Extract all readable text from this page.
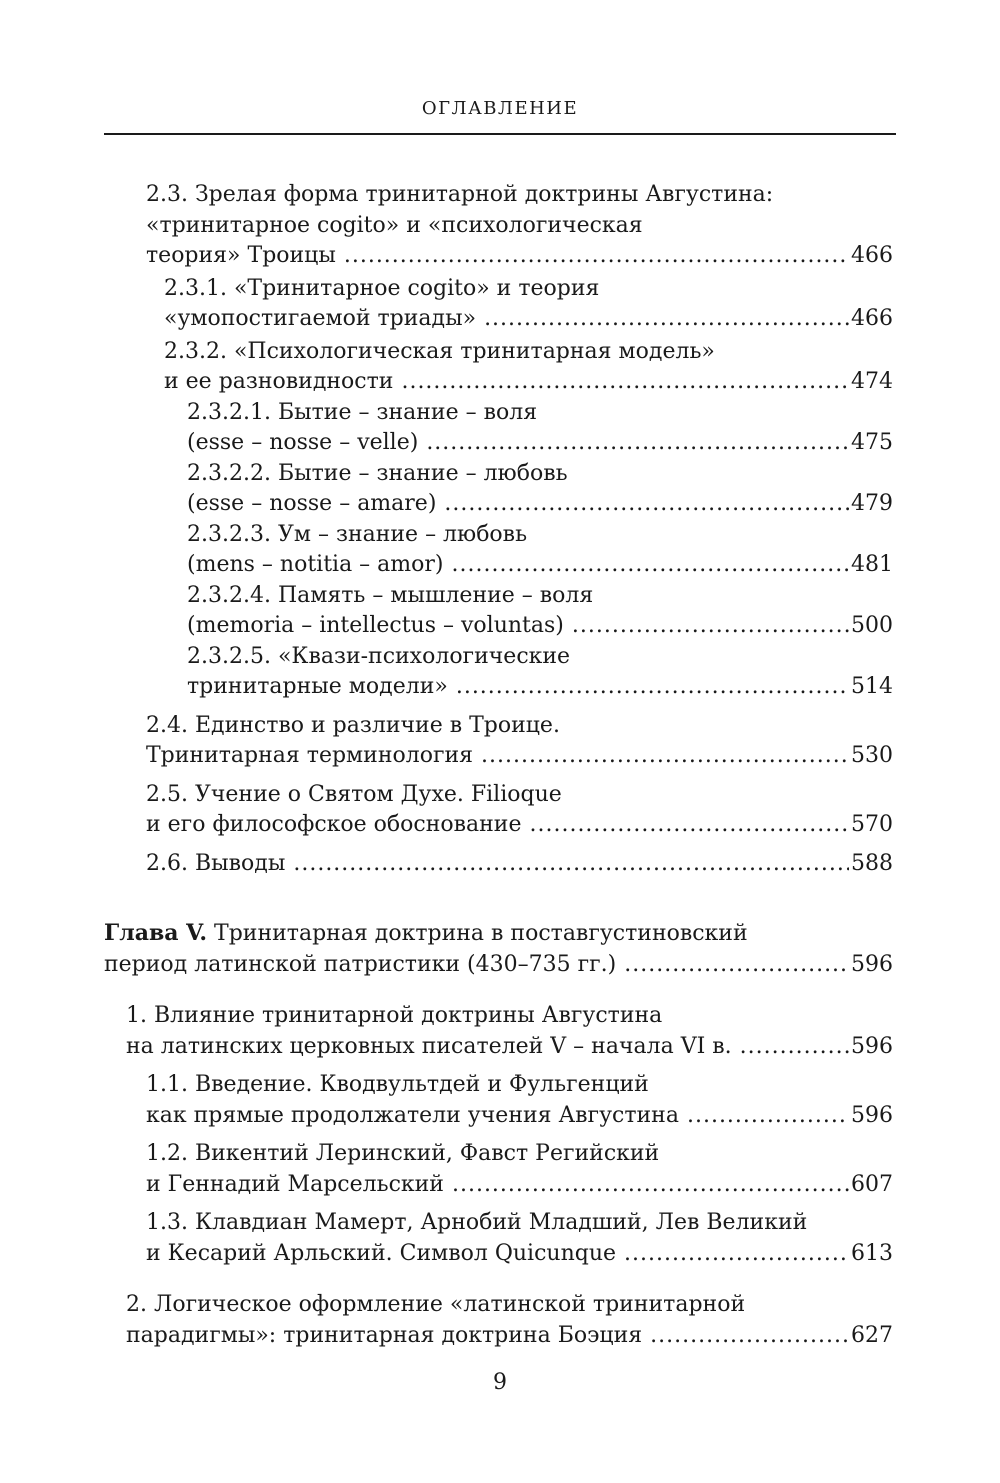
ОГЛАВЛЕНИЕ
2.3. Зрелая форма тринитарной доктрины Августина:
«тринитарное cogito» и «психологическая
теория» Троицы .....	466
2.3.1. «Тринитарное cogito» и теория
«умопостигаемой триады» .....	466
2.3.2. «Психологическая тринитарная модель»
и ее разновидности .....	474
2.3.2.1. Бытие – знание – воля
(esse – nosse – velle) .....	475
2.3.2.2. Бытие – знание – любовь
(esse – nosse – amare) .....	479
2.3.2.3. Ум – знание – любовь
(mens – notitia – amor) .....	481
2.3.2.4. Память – мышление – воля
(memoria – intellectus – voluntas) .....	500
2.3.2.5. «Квази-психологические
тринитарные модели» .....	514
2.4. Единство и различие в Троице.
Тринитарная терминология .....	530
2.5. Учение о Святом Духе. Filioque
и его философское обоснование .....	570
2.6. Выводы .....	588
Глава V. Тринитарная доктрина в поставгустиновский
период латинской патристики (430–735 гг.) .....	596
1. Влияние тринитарной доктрины Августина
на латинских церковных писателей V – начала VI в. .....	596
1.1. Введение. Кводвультдей и Фульгенций
как прямые продолжатели учения Августина .....	596
1.2. Викентий Леринский, Фавст Регийский
и Геннадий Марсельский .....	607
1.3. Клавдиан Мамерт, Арнобий Младший, Лев Великий
и Кесарий Арльский. Символ Quicunque .....	613
2. Логическое оформление «латинской тринитарной
парадигмы»: тринитарная доктрина Боэция .....	627
9
